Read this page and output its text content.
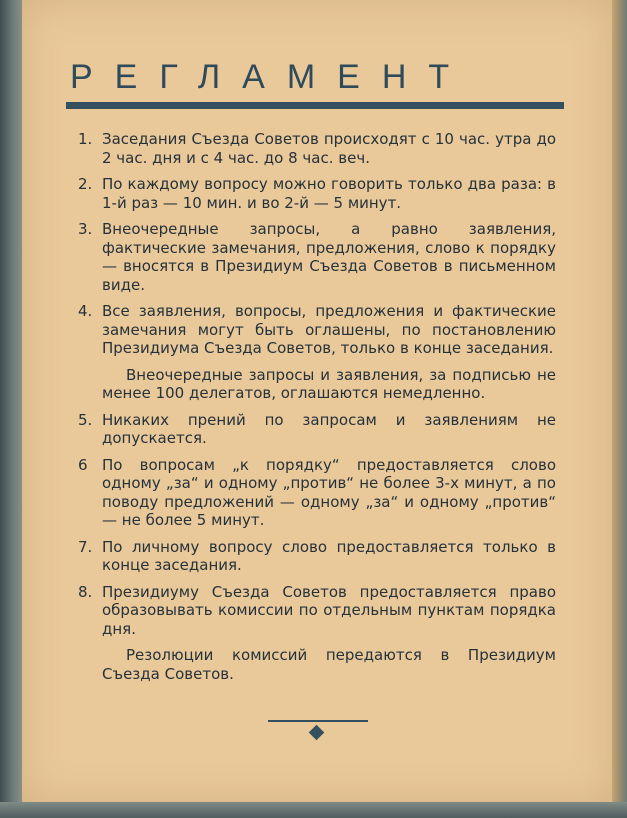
РЕГЛАМЕНТ
1. Заседания Съезда Советов происходят с 10 час. утра до 2 час. дня и с 4 час. до 8 час. веч.
2. По каждому вопросу можно говорить только два раза: в 1-й раз — 10 мин. и во 2-й — 5 минут.
3. Внеочередные запросы, а равно заявления, фактические замечания, предложения, слово к порядку — вносятся в Президиум Съезда Советов в письменном виде.
4. Все заявления, вопросы, предложения и фактические замечания могут быть оглашены, по постановлению Президиума Съезда Советов, только в конце заседания.
Внеочередные запросы и заявления, за подписью не менее 100 делегатов, оглашаются немедленно.
5. Никаких прений по запросам и заявлениям не допускается.
6 По вопросам „к порядку“ предоставляется слово одному „за“ и одному „против“ не более 3-х минут, а по поводу предложений — одному „за“ и одному „против“ — не более 5 минут.
7. По личному вопросу слово предоставляется только в конце заседания.
8. Президиуму Съезда Советов предоставляется право образовывать комиссии по отдельным пунктам порядка дня.
Резолюции комиссий передаются в Президиум Съезда Советов.
